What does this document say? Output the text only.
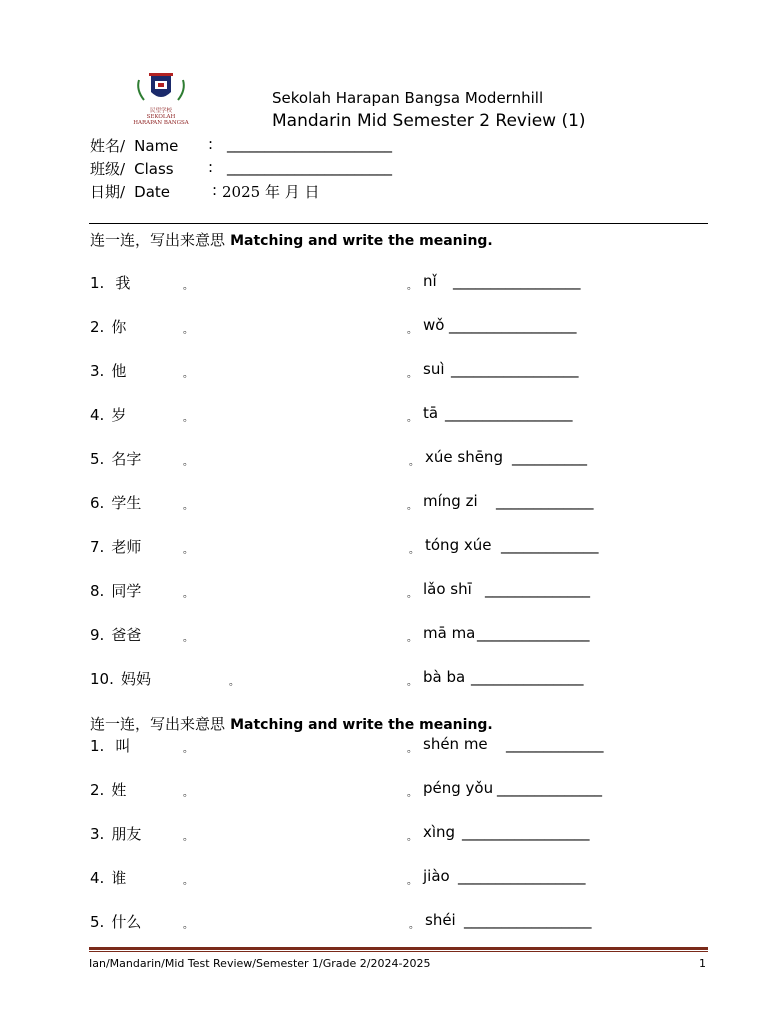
民望学校
SEKOLAH
HARAPAN BANGSA
Sekolah Harapan Bangsa Modernhill
Mandarin Mid Semester 2 Review (1)
姓名/ Name : ______________________
班级/ Class : ______________________
日期/ Date	: 2025 年 月 日
连一连，写出来意思 Matching and write the meaning.
1. 我	。	。 nǐ _________________
2. 你	。	。 wǒ _________________
3. 他	。	。 suì _________________
4. 岁	。	。 tā _________________
5. 名字	。	。 xúe shēng __________
6. 学生	。	。 míng zi _____________
7. 老师	。	。 tóng xúe _____________
8. 同学	。	。 lǎo shī ______________
9. 爸爸	。	。 mā ma _______________
10. 妈妈	。	。 bà ba _______________
连一连，写出来意思 Matching and write the meaning.
1. 叫	。	。 shén me _____________
2. 姓	。	。 péng yǒu ______________
3. 朋友	。	。 xìng _________________
4. 谁	。	。 jiào _________________
5. 什么	。	。 shéi _________________
Ian/Mandarin/Mid Test Review/Semester 1/Grade 2/2024-2025	1
